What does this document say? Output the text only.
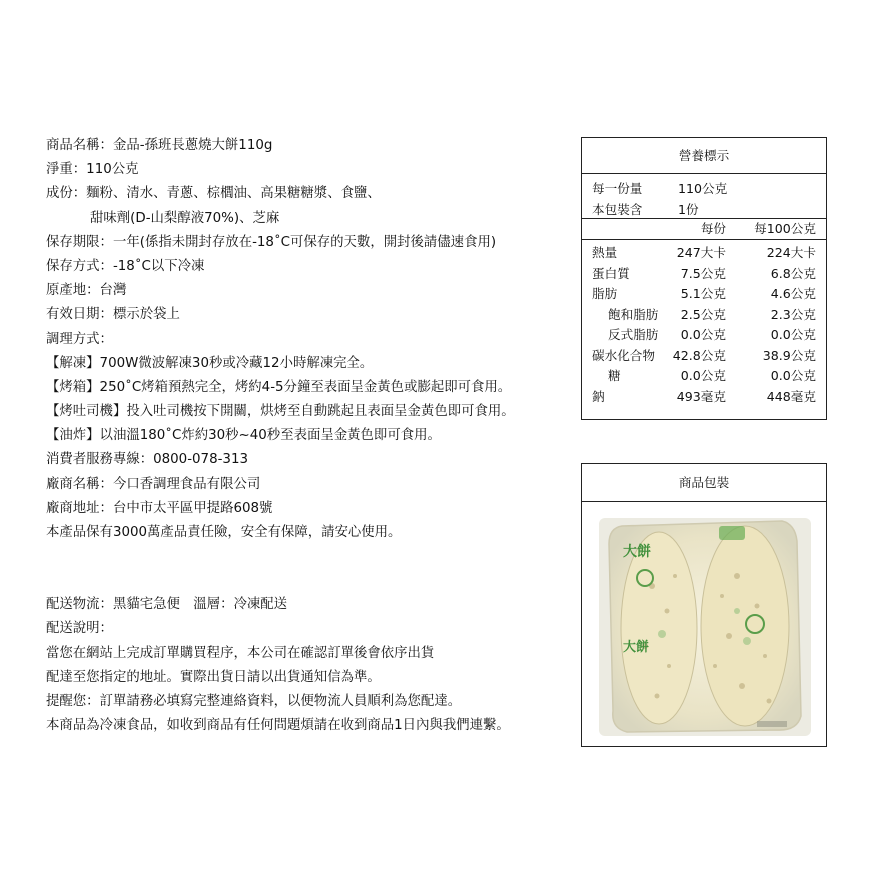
商品名稱：金品-孫班長蔥燒大餅110g
淨重：110公克
成份：麵粉、清水、青蔥、棕櫚油、高果糖糖漿、食鹽、
甜味劑(D-山梨醇液70%)、芝麻
保存期限：一年(係指未開封存放在-18˚C可保存的天數，開封後請儘速食用)
保存方式：-18˚C以下冷凍
原產地：台灣
有效日期：標示於袋上
調理方式：
【解凍】700W微波解凍30秒或冷藏12小時解凍完全。
【烤箱】250˚C烤箱預熱完全，烤約4-5分鐘至表面呈金黃色或膨起即可食用。
【烤吐司機】投入吐司機按下開關，烘烤至自動跳起且表面呈金黃色即可食用。
【油炸】以油溫180˚C炸約30秒~40秒至表面呈金黃色即可食用。
消費者服務專線：0800-078-313
廠商名稱：今口香調理食品有限公司
廠商地址：台中市太平區甲提路608號
本產品保有3000萬產品責任險，安全有保障，請安心使用。
配送物流：黑貓宅急便　溫層：冷凍配送
配送說明：
當您在網站上完成訂單購買程序，本公司在確認訂單後會依序出貨
配達至您指定的地址。實際出貨日請以出貨通知信為準。
提醒您：訂單請務必填寫完整連絡資料，以便物流人員順利為您配達。
本商品為冷凍食品，如收到商品有任何問題煩請在收到商品1日內與我們連繫。
營養標示
每一份量	110公克
本包裝含	1份
每份 每100公克
熱量	247大卡	224大卡
蛋白質	7.5公克	6.8公克
脂肪	5.1公克	4.6公克
飽和脂肪 2.5公克	2.3公克
反式脂肪 0.0公克	0.0公克
碳水化合物 42.8公克	38.9公克
糖	0.0公克	0.0公克
鈉	493毫克	448毫克
商品包裝
大餅
大餅
